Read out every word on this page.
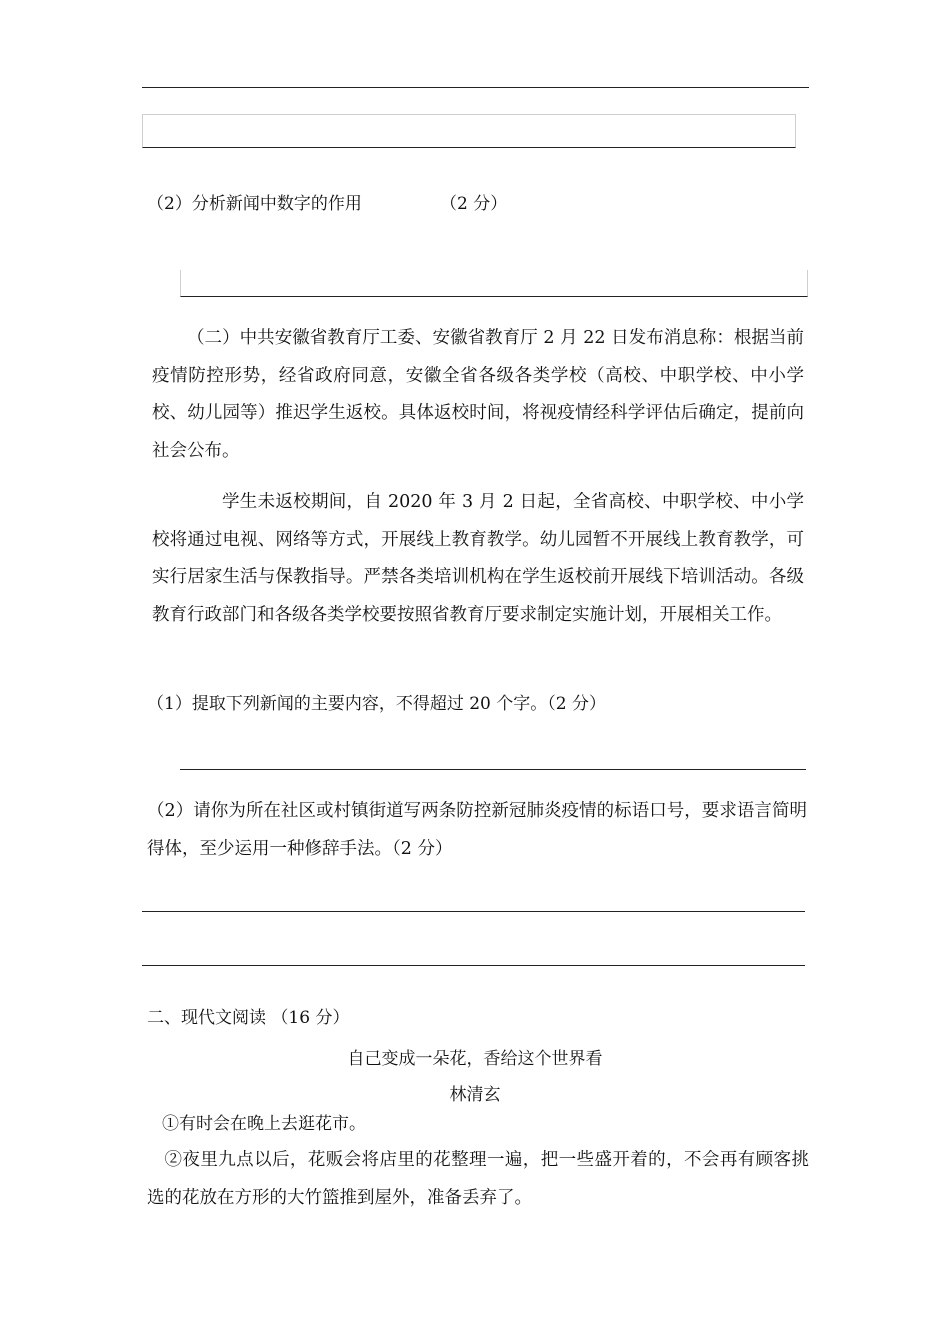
（2）分析新闻中数字的作用	（2 分）
（二）中共安徽省教育厅工委、安徽省教育厅 2 月 22 日发布消息称：根据当前疫情防控形势，经省政府同意，安徽全省各级各类学校（高校、中职学校、中小学校、幼儿园等）推迟学生返校。具体返校时间，将视疫情经科学评估后确定，提前向社会公布。
学生未返校期间，自 2020 年 3 月 2 日起，全省高校、中职学校、中小学校将通过电视、网络等方式，开展线上教育教学。幼儿园暂不开展线上教育教学，可实行居家生活与保教指导。严禁各类培训机构在学生返校前开展线下培训活动。各级教育行政部门和各级各类学校要按照省教育厅要求制定实施计划，开展相关工作。
（1）提取下列新闻的主要内容，不得超过 20 个字。（2 分）
（2）请你为所在社区或村镇街道写两条防控新冠肺炎疫情的标语口号，要求语言简明得体，至少运用一种修辞手法。（2 分）
二、现代文阅读 （16 分）
自己变成一朵花，香给这个世界看
林清玄
①有时会在晚上去逛花市。
②夜里九点以后，花贩会将店里的花整理一遍，把一些盛开着的，不会再有顾客挑选的花放在方形的大竹篮推到屋外，准备丢弃了。
